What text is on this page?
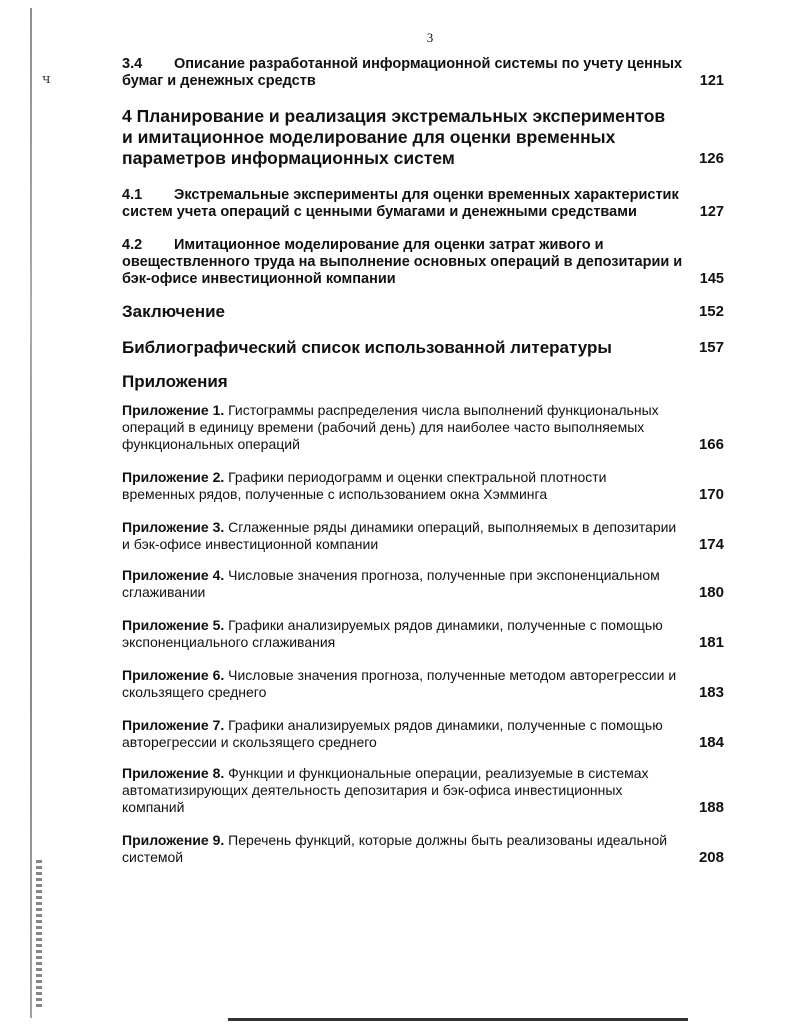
ч
3
3.4 Описание разработанной информационной системы по учету ценных бумаг и денежных средств	121
4 Планирование и реализация экстремальных экспериментов и имитационное моделирование для оценки временных параметров информационных систем	126
4.1 Экстремальные эксперименты для оценки временных характеристик систем учета операций с ценными бумагами и денежными средствами	127
4.2 Имитационное моделирование для оценки затрат живого и овеществленного труда на выполнение основных операций в депозитарии и бэк-офисе инвестиционной компании	145
Заключение	152
Библиографический список использованной литературы	157
Приложения
Приложение 1. Гистограммы распределения числа выполнений функциональных операций в единицу времени (рабочий день) для наиболее часто выполняемых функциональных операций	166
Приложение 2. Графики периодограмм и оценки спектральной плотности временных рядов, полученные с использованием окна Хэмминга	170
Приложение 3. Сглаженные ряды динамики операций, выполняемых в депозитарии и бэк-офисе инвестиционной компании	174
Приложение 4. Числовые значения прогноза, полученные при экспоненциальном сглаживании	180
Приложение 5. Графики анализируемых рядов динамики, полученные с помощью экспоненциального сглаживания	181
Приложение 6. Числовые значения прогноза, полученные методом авторегрессии и скользящего среднего	183
Приложение 7. Графики анализируемых рядов динамики, полученные с помощью авторегрессии и скользящего среднего	184
Приложение 8. Функции и функциональные операции, реализуемые в системах автоматизирующих деятельность депозитария и бэк-офиса инвестиционных компаний	188
Приложение 9. Перечень функций, которые должны быть реализованы идеальной системой	208
